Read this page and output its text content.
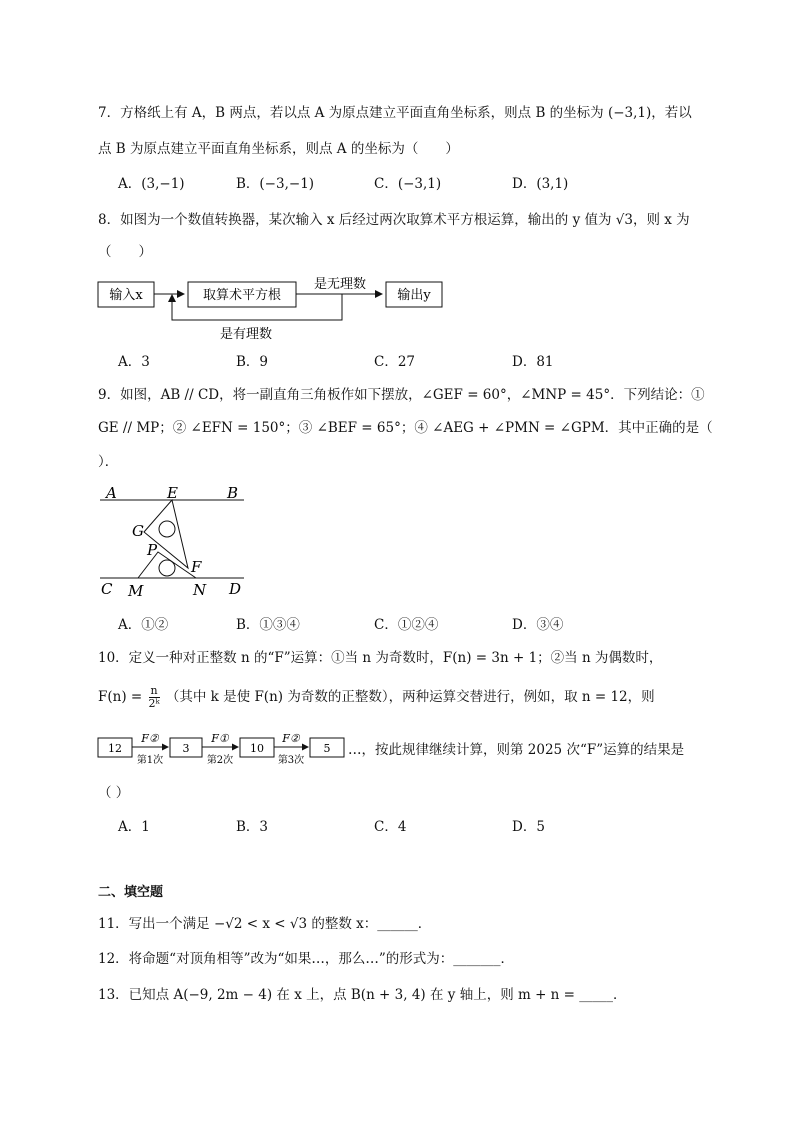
7．方格纸上有 A，B 两点，若以点 A 为原点建立平面直角坐标系，则点 B 的坐标为 (−3,1)，若以
点 B 为原点建立平面直角坐标系，则点 A 的坐标为（　　）
A．(3,−1)	B．(−3,−1)	C．(−3,1)	D．(3,1)
8．如图为一个数值转换器，某次输入 x 后经过两次取算术平方根运算，输出的 y 值为 √3，则 x 为
（　　）
输入x	取算术平方根
是无理数
输出y
是有理数
A．3	B．9	C．27	D．81
9．如图，AB // CD，将一副直角三角板作如下摆放，∠GEF = 60°，∠MNP = 45°．下列结论：①
GE // MP；② ∠EFN = 150°；③ ∠BEF = 65°；④ ∠AEG + ∠PMN = ∠GPM．其中正确的是（
）．
A	E	B
G
P
F
C M	N D
A．①②	B．①③④	C．①②④	D．③④
10．定义一种对正整数 n 的“F”运算：①当 n 为奇数时，F(n) = 3n + 1；②当 n 为偶数时，
$F(n) = \frac{n}{\text{2ᵏ}}$ （其中 k 是使 F(n) 为奇数的正整数），两种运算交替进行，例如，取 n = 12，则
12
F②
第1次
3
F①
第2次
10
F②
第3次
5 …，按此规律继续计算，则第 2025 次“F”运算的结果是
（ ）
A．1	B．3	C．4	D．5
二、填空题
11．写出一个满足 −√2 < x < √3 的整数 x：______．
12．将命题“对顶角相等”改为“如果…，那么…”的形式为：_______．
13．已知点 A(−9, 2m − 4) 在 x 上，点 B(n + 3, 4) 在 y 轴上，则 m + n = _____．
